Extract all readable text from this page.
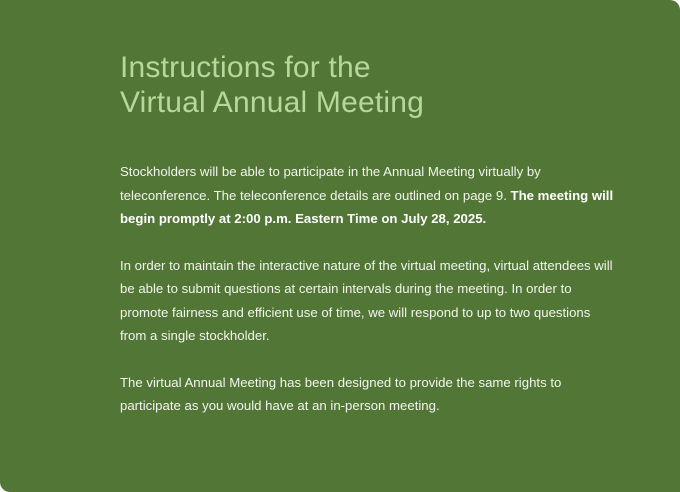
Instructions for the
Virtual Annual Meeting

Stockholders will be able to participate in the Annual Meeting virtually by teleconference. The teleconference details are outlined on page 9. The meeting will begin promptly at 2:00 p.m. Eastern Time on July 28, 2025.

In order to maintain the interactive nature of the virtual meeting, virtual attendees will be able to submit questions at certain intervals during the meeting. In order to promote fairness and efficient use of time, we will respond to up to two questions from a single stockholder.

The virtual Annual Meeting has been designed to provide the same rights to participate as you would have at an in-person meeting.
